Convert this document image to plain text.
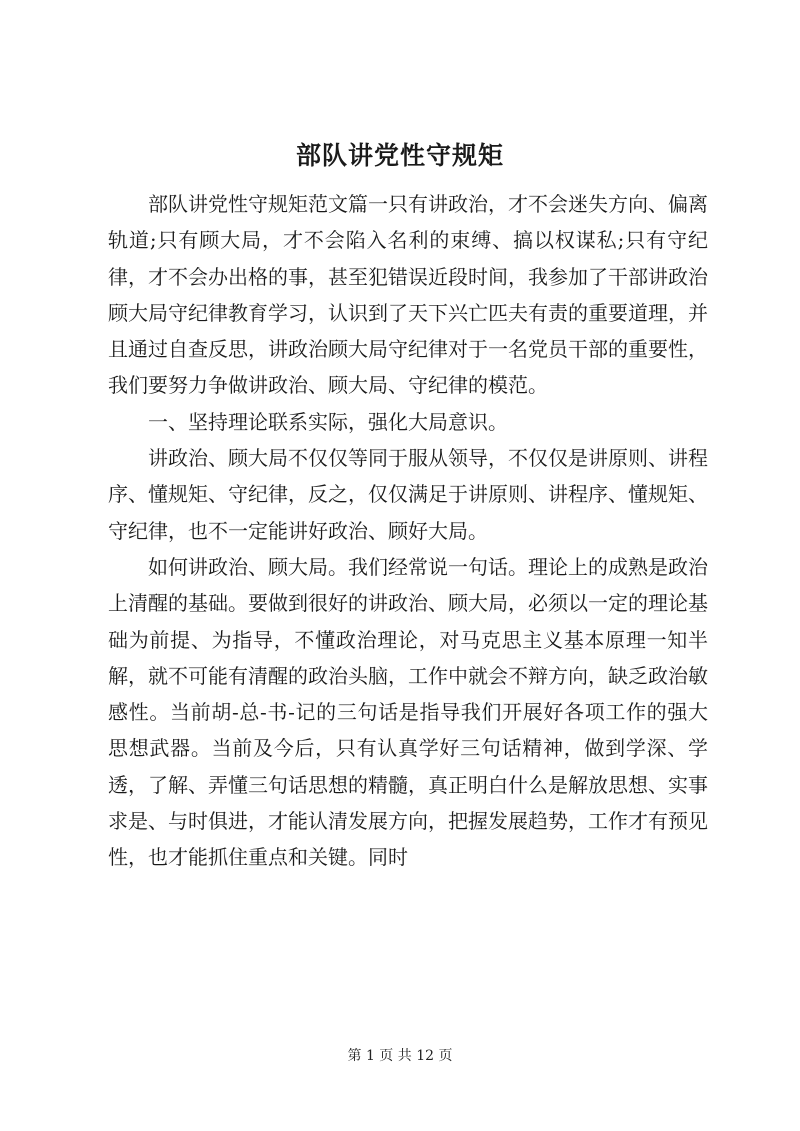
部队讲党性守规矩

部队讲党性守规矩范文篇一只有讲政治，才不会迷失方向、偏离轨道;只有顾大局，才不会陷入名利的束缚、搞以权谋私;只有守纪律，才不会办出格的事，甚至犯错误近段时间，我参加了干部讲政治顾大局守纪律教育学习，认识到了天下兴亡匹夫有责的重要道理，并且通过自查反思，讲政治顾大局守纪律对于一名党员干部的重要性，我们要努力争做讲政治、顾大局、守纪律的模范。

一、坚持理论联系实际，强化大局意识。

讲政治、顾大局不仅仅等同于服从领导，不仅仅是讲原则、讲程序、懂规矩、守纪律，反之，仅仅满足于讲原则、讲程序、懂规矩、守纪律，也不一定能讲好政治、顾好大局。

如何讲政治、顾大局。我们经常说一句话。理论上的成熟是政治上清醒的基础。要做到很好的讲政治、顾大局，必须以一定的理论基础为前提、为指导，不懂政治理论，对马克思主义基本原理一知半解，就不可能有清醒的政治头脑，工作中就会不辩方向，缺乏政治敏感性。当前胡-总-书-记的三句话是指导我们开展好各项工作的强大思想武器。当前及今后，只有认真学好三句话精神，做到学深、学透，了解、弄懂三句话思想的精髓，真正明白什么是解放思想、实事求是、与时俱进，才能认清发展方向，把握发展趋势，工作才有预见性，也才能抓住重点和关键。同时

第 1 页 共 12 页
